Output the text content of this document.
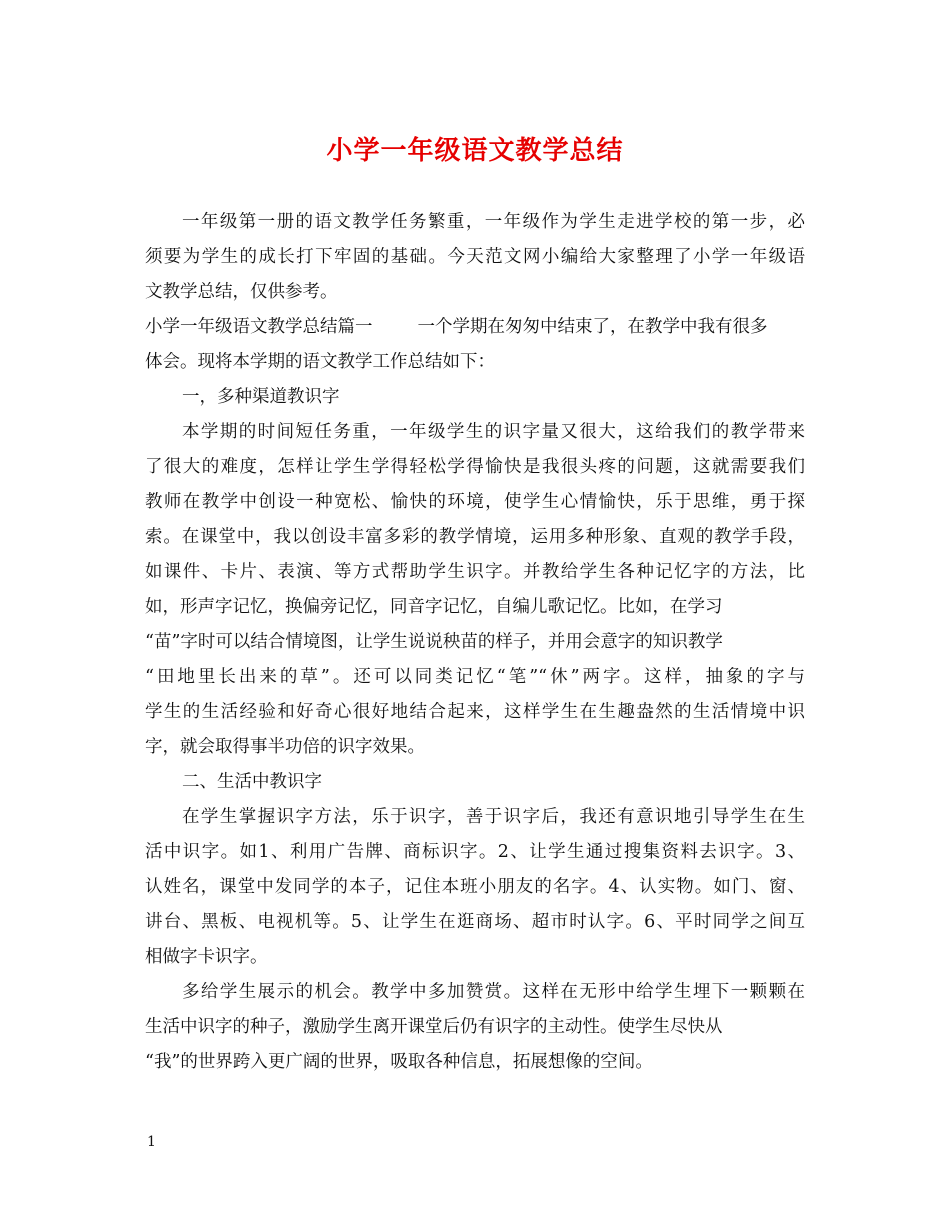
小学一年级语文教学总结
一年级第一册的语文教学任务繁重，一年级作为学生走进学校的第一步，必
须要为学生的成长打下牢固的基础。今天范文网小编给大家整理了小学一年级语
文教学总结，仅供参考。
小学一年级语文教学总结篇一	一个学期在匆匆中结束了，在教学中我有很多
体会。现将本学期的语文教学工作总结如下：
一，多种渠道教识字
本学期的时间短任务重，一年级学生的识字量又很大，这给我们的教学带来
了很大的难度，怎样让学生学得轻松学得愉快是我很头疼的问题，这就需要我们
教师在教学中创设一种宽松、愉快的环境，使学生心情愉快，乐于思维，勇于探
索。在课堂中，我以创设丰富多彩的教学情境，运用多种形象、直观的教学手段，
如课件、卡片、表演、等方式帮助学生识字。并教给学生各种记忆字的方法，比
如，形声字记忆，换偏旁记忆，同音字记忆，自编儿歌记忆。比如，在学习
“苗”字时可以结合情境图，让学生说说秧苗的样子，并用会意字的知识教学
“田地里长出来的草”。还可以同类记忆“笔”“休”两字。这样，抽象的字与
学生的生活经验和好奇心很好地结合起来，这样学生在生趣盎然的生活情境中识
字，就会取得事半功倍的识字效果。
二、生活中教识字
在学生掌握识字方法，乐于识字，善于识字后，我还有意识地引导学生在生
活中识字。如1、利用广告牌、商标识字。2、让学生通过搜集资料去识字。3、
认姓名，课堂中发同学的本子，记住本班小朋友的名字。4、认实物。如门、窗、
讲台、黑板、电视机等。5、让学生在逛商场、超市时认字。6、平时同学之间互
相做字卡识字。
多给学生展示的机会。教学中多加赞赏。这样在无形中给学生埋下一颗颗在
生活中识字的种子，激励学生离开课堂后仍有识字的主动性。使学生尽快从
“我”的世界跨入更广阔的世界，吸取各种信息，拓展想像的空间。
1
